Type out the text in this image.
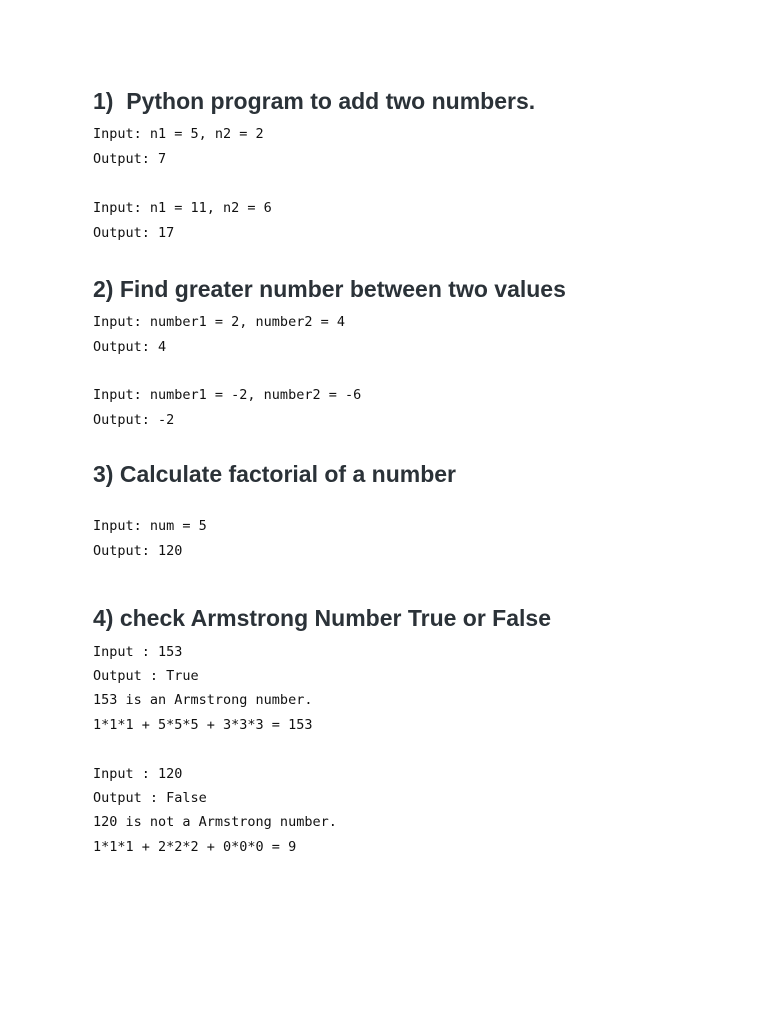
1)  Python program to add two numbers.
Input: n1 = 5, n2 = 2
Output: 7
Input: n1 = 11, n2 = 6
Output: 17
2) Find greater number between two values
Input: number1 = 2, number2 = 4
Output: 4
Input: number1 = -2, number2 = -6
Output: -2
3) Calculate factorial of a number
Input: num = 5
Output: 120
4) check Armstrong Number True or False
Input : 153
Output : True
153 is an Armstrong number.
1*1*1 + 5*5*5 + 3*3*3 = 153
Input : 120
Output : False
120 is not a Armstrong number.
1*1*1 + 2*2*2 + 0*0*0 = 9
